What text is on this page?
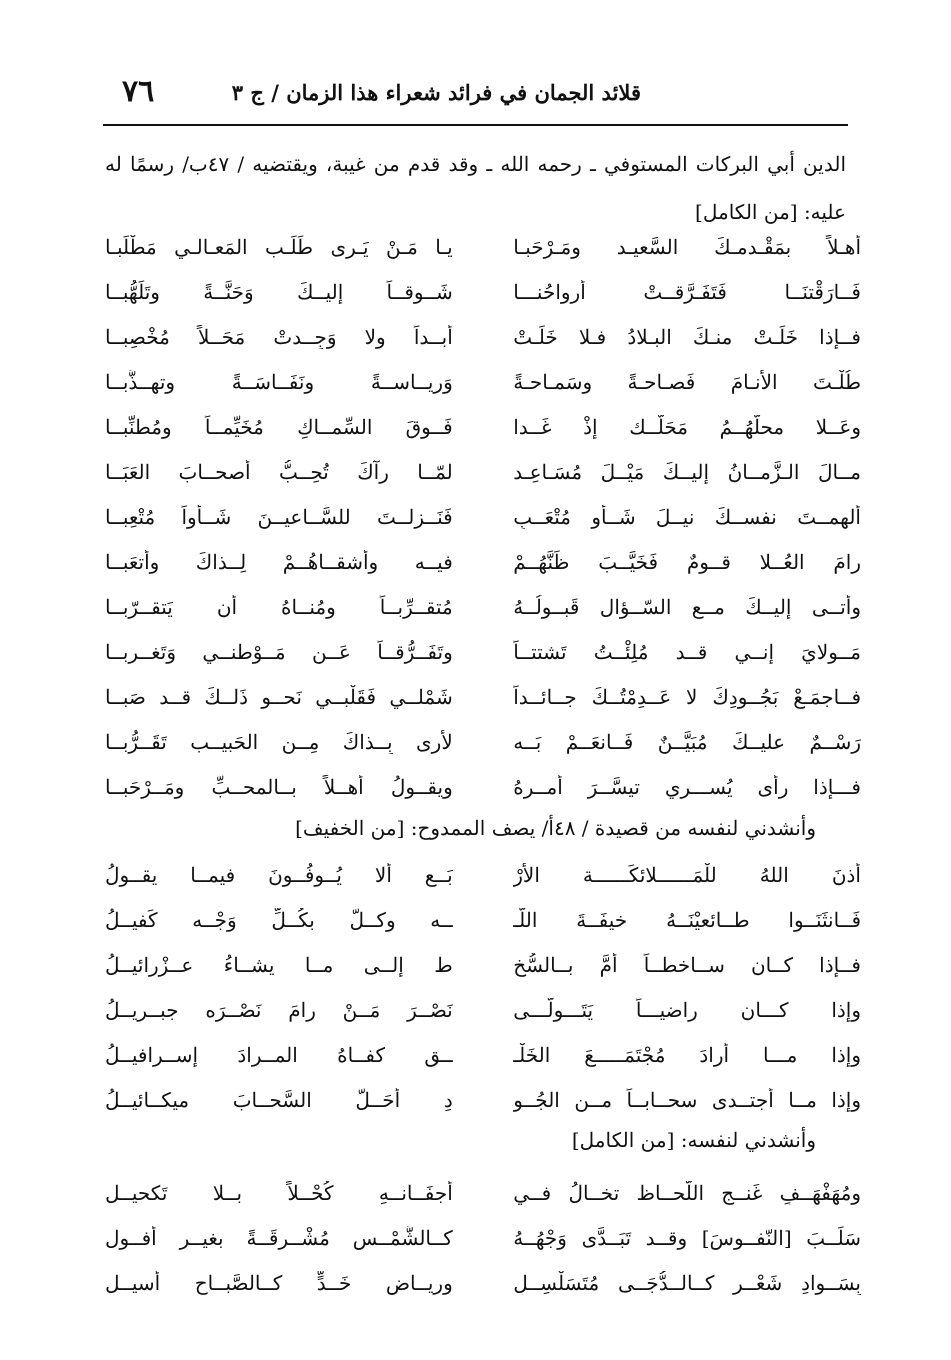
٧٦	قلائد الجمان في فرائد شعراء هذا الزمان / ج ٣

الدين أبي البركات المستوفي ـ رحمه الله ـ وقد قدم من غيبة، ويقتضيه / ٤٧ب/ رسمًا له

عليه: [من الكامل]

أهـلاً بمَقْـدمـكَ السَّعيـد ومَـرْحَبـا
يـا مَـنْ يَـرى طَلَـب المَعـالـي مَطْلَبـا
فَــارَقْتنَــا فَتَفَـرَّقــتْ أرواحُنـــا
شَــوقــاً إليــكَ وَحَنَّــةً وتَلَهُّبــا
فــإذا خَلَـتْ منـكَ البـلادُ فـلا خَلَـتْ
أبــداً ولا وَجِــدتْ مَحَــلاً مُخْصِبــا
طُلْـتَ الأنـامَ فَصـاحـةً وسَمـاحـةً
وَريــاســةً ونَفَــاسَــةً وتهــذُّبــا
وعَــلا محلّهُــمُ مَحَلُّــك إذْ غَــدا
فَــوقَ السِّمــاكِ مُخَيِّمــاً ومُطنِّبــا
مــالَ الـزَّمــانُ إليــكَ مَيْــلَ مُسَـاعِـد
لمّــا رآكَ تُحِــبُّ أصحــابَ العَبَــا
ألهمــتَ نفســكَ نيــلَ شَــأوٍ مُتْعَــبٍ
فَنَــزلــتَ للسَّــاعيــنَ شَــأواً مُتْعِبــا
رامَ العُــلا قــومٌ فَخَيَّــبَ ظَنَّهُــمْ
فيــه وأشقــاهُــمْ لِــذاكَ وأتعَبــا
وأتــى إليــكَ مــع السّــؤال قَبــولُــهُ
مُتقــرِّبــاً ومُنــاهُ أن يَتقــرّبــا
مَــولايَ إنــي قــد مُلِئْــتُ تَشتتــاً
وتَفَــرُّقــاً عَــن مَــوْطنــي وَتَغــربــا
فــاجمَـعْ بَجُــودِكَ لا عَــدِمْتُــكَ جــائــداً
شَمْلــي فَقَلْبــي نَحــو ذَلــكَ قــد صَبــا
رَسْــمٌ عليــكَ مُبَيَّــنٌ فَــانعَــمْ بَــه
لأرى بِــذاكَ مِــن الحَبيــب تَقَــرُّبــا
فـــإذا رأى يُســـري تيسَّــرَ أمــرهُ
ويقــولُ أهــلاً بــالمحــبِّ ومَــرْحَبــا
وأنشدني لنفسه من قصيدة / ٤٨أ/ يصف الممدوح: [من الخفيف]
أذنَ اللهُ للْمَــــــلائكَــــــة الأرْ
بَــعِ ألا يُــوفُــونَ فيمــا يقــولُ
فَــانثَنَــوا طــائعيْنَــهُ خيفَــةَ اللّـ
ــه وكــلٌّ بكُــلِّ وَجْــه كَفيــلُ
فــإذا كــان ســاخطــاً أمَّ بــالسُّخ
ط إلــى مــا يشــاءُ عــزْرائيــلُ
وإذا كـــان راضيـــاً يَتَـــولَّـــى
نَصْــرَ مَــنْ رامَ نَصْــرَه جبــريــلُ
وإذا مـــا أرادَ مُجْتَمَـــــعَ الخَلْـ
ــقِ كفــاهُ المــرادَ إســرافيــلُ
وإذا مــا أجتــدى سحــابــاً مــن الجُــو
دِ أحَــلَّ السَّحــابَ ميكــائيــلُ
وأنشدني لنفسه: [من الكامل]
ومُهَفْهَــفٍ غَنــجِ اللّحــاظ تخــالُ فــي
أجفَــانــهِ كُحْــلاً بــلا تَكحيــل
سَلَــبَ [النّفــوسَ] وقــد تَبَــدَّى وَجْهُــهُ
كــالشَّمْــس مُشْــرِقَــةً بغيــر أفــول
بِسَــوادِ شَعْــرٍ كــالــدُّجَــى مُتَسَلْسِــلٍ
وريــاضِ خَــدٍّ كــالصَّبــاحِ أسيــلِ
